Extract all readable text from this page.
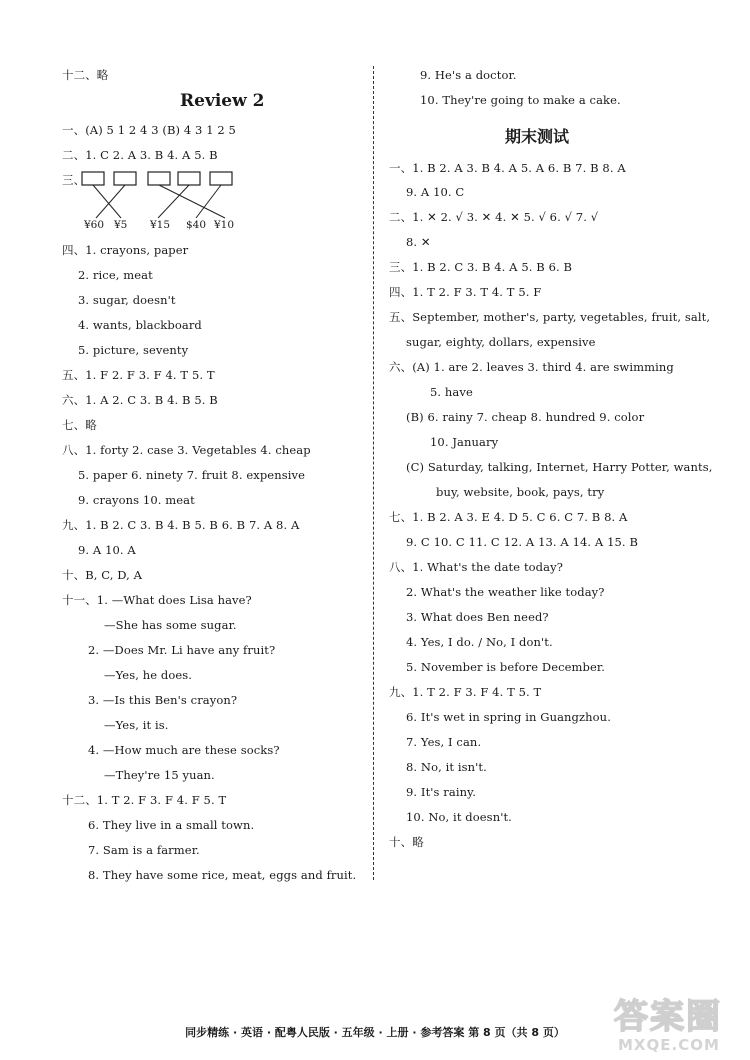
十二、略
Review 2
一、(A) 5 1 2 4 3 (B) 4 3 1 2 5
二、1. C 2. A 3. B 4. A 5. B
三、
¥60 ¥5 ¥15 $40 ¥10
四、1. crayons, paper
2. rice, meat
3. sugar, doesn't
4. wants, blackboard
5. picture, seventy
五、1. F 2. F 3. F 4. T 5. T
六、1. A 2. C 3. B 4. B 5. B
七、略
八、1. forty 2. case 3. Vegetables 4. cheap
5. paper 6. ninety 7. fruit 8. expensive
9. crayons 10. meat
九、1. B 2. C 3. B 4. B 5. B 6. B 7. A 8. A
9. A 10. A
十、B, C, D, A
十一、1. —What does Lisa have?
—She has some sugar.
2. —Does Mr. Li have any fruit?
—Yes, he does.
3. —Is this Ben's crayon?
—Yes, it is.
4. —How much are these socks?
—They're 15 yuan.
十二、1. T 2. F 3. F 4. F 5. T
6. They live in a small town.
7. Sam is a farmer.
8. They have some rice, meat, eggs and fruit.
9. He's a doctor.
10. They're going to make a cake.
期末测试
一、1. B 2. A 3. B 4. A 5. A 6. B 7. B 8. A
9. A 10. C
二、1. ✕ 2. √ 3. ✕ 4. ✕ 5. √ 6. √ 7. √
8. ✕
三、1. B 2. C 3. B 4. A 5. B 6. B
四、1. T 2. F 3. T 4. T 5. F
五、September, mother's, party, vegetables, fruit, salt,
sugar, eighty, dollars, expensive
六、(A) 1. are 2. leaves 3. third 4. are swimming
5. have
(B) 6. rainy 7. cheap 8. hundred 9. color
10. January
(C) Saturday, talking, Internet, Harry Potter, wants,
buy, website, book, pays, try
七、1. B 2. A 3. E 4. D 5. C 6. C 7. B 8. A
9. C 10. C 11. C 12. A 13. A 14. A 15. B
八、1. What's the date today?
2. What's the weather like today?
3. What does Ben need?
4. Yes, I do. / No, I don't.
5. November is before December.
九、1. T 2. F 3. F 4. T 5. T
6. It's wet in spring in Guangzhou.
7. Yes, I can.
8. No, it isn't.
9. It's rainy.
10. No, it doesn't.
十、略
同步精练 · 英语 · 配粤人民版 · 五年级 · 上册 · 参考答案 第 8 页（共 8 页）	答案圈
MXQE.COM
